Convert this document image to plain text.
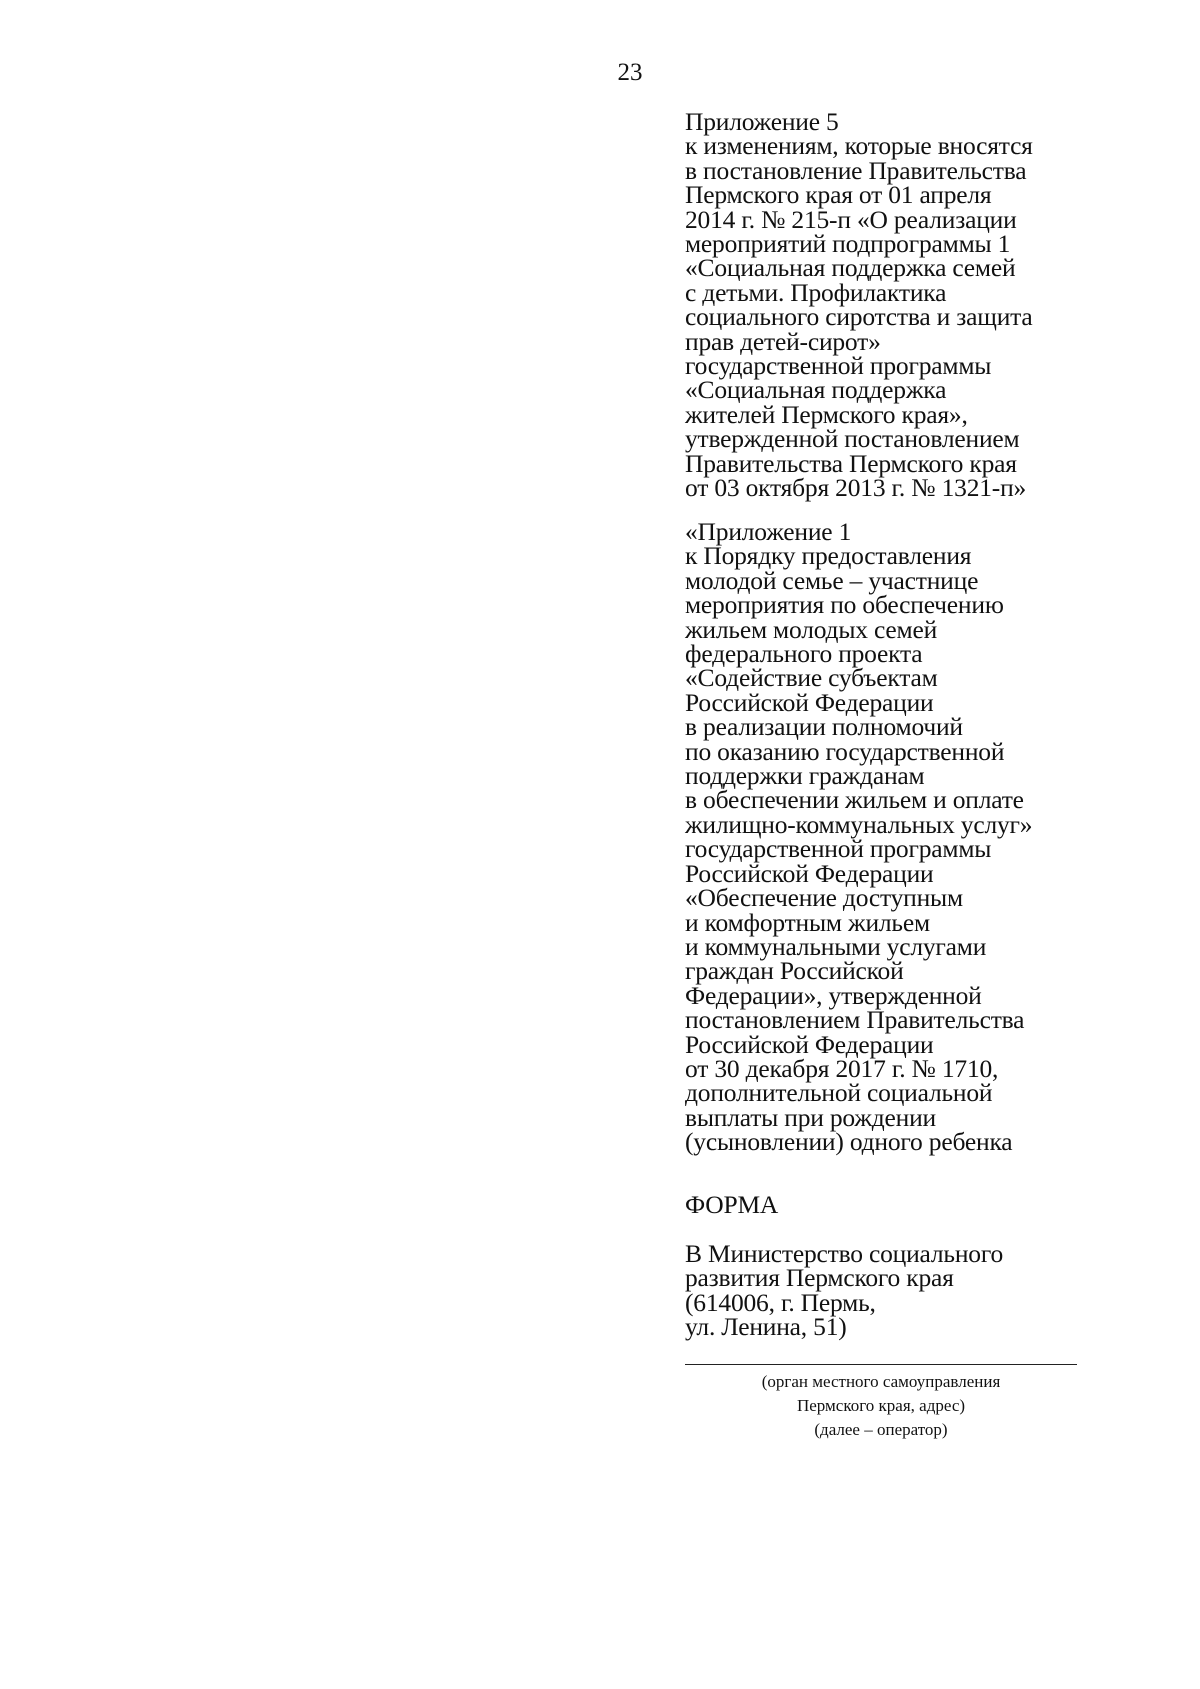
23
Приложение 5
к изменениям, которые вносятся
в постановление Правительства
Пермского края от 01 апреля
2014 г. № 215-п «О реализации
мероприятий подпрограммы 1
«Социальная поддержка семей
с детьми. Профилактика
социального сиротства и защита
прав детей-сирот»
государственной программы
«Социальная поддержка
жителей Пермского края»,
утвержденной постановлением
Правительства Пермского края
от 03 октября 2013 г. № 1321-п»
«Приложение 1
к Порядку предоставления
молодой семье – участнице
мероприятия по обеспечению
жильем молодых семей
федерального проекта
«Содействие субъектам
Российской Федерации
в реализации полномочий
по оказанию государственной
поддержки гражданам
в обеспечении жильем и оплате
жилищно-коммунальных услуг»
государственной программы
Российской Федерации
«Обеспечение доступным
и комфортным жильем
и коммунальными услугами
граждан Российской
Федерации», утвержденной
постановлением Правительства
Российской Федерации
от 30 декабря 2017 г. № 1710,
дополнительной социальной
выплаты при рождении
(усыновлении) одного ребенка
ФОРМА
В Министерство социального
развития Пермского края
(614006, г. Пермь,
ул. Ленина, 51)
(орган местного самоуправления
Пермского края, адрес)
(далее – оператор)
